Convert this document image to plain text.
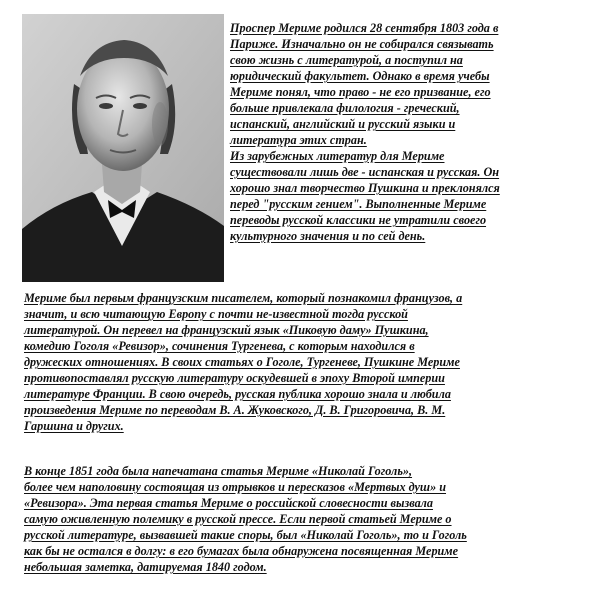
Проспер Мериме родился 28 сентября 1803 года в
Париже. Изначально он не собирался связывать
свою жизнь с литературой, а поступил на
юридический факультет. Однако в время учебы
Мериме понял, что право - не его призвание, его
больше привлекала филология - греческий,
испанский, английский и русский языки и
литература этих стран.
Из зарубежных литератур для Мериме
существовали лишь две - испанская и русская. Он
хорошо знал творчество Пушкина и преклонялся
перед "русским гением". Выполненные Мериме
переводы русской классики не утратили своего
культурного значения и по сей день.
Мериме был первым французским писателем, который познакомил французов, а
значит, и всю читающую Европу с почти не-известной тогда русской
литературой. Он перевел на французский язык «Пиковую даму» Пушкина,
комедию Гоголя «Ревизор», сочинения Тургенева, с которым находился в
дружеских отношениях. В своих статьях о Гоголе, Тургеневе, Пушкине Мериме
противопоставлял русскую литературу оскудевшей в эпоху Второй империи
литературе Франции. В свою очередь, русская публика хорошо знала и любила
произведения Мериме по переводам В. А. Жуковского, Д. В. Григоровича, В. М.
Гаршина и других.
В конце 1851 года была напечатана статья Мериме «Николай Гоголь»,
более чем наполовину состоящая из отрывков и пересказов «Мертвых душ» и
«Ревизора». Эта первая статья Мериме о российской словесности вызвала
самую оживленную полемику в русской прессе. Если первой статьей Мериме о
русской литературе, вызвавшей такие споры, был «Николай Гоголь», то и Гоголь
как бы не остался в долгу: в его бумагах была обнаружена посвященная Мериме
небольшая заметка, датируемая 1840 годом.
